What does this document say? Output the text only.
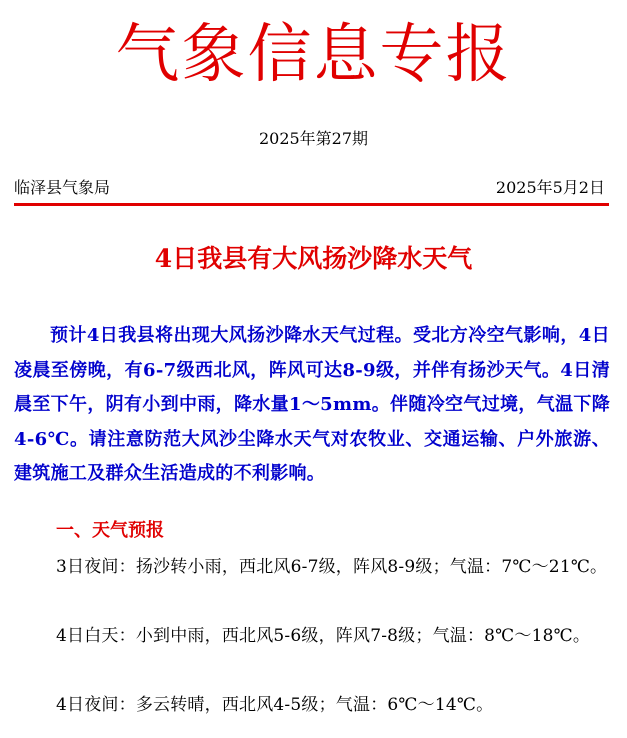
气象信息专报
2025年第27期
临泽县气象局	2025年5月2日
4日我县有大风扬沙降水天气

预计4日我县将出现大风扬沙降水天气过程。受北方冷空气影响，4日凌晨至傍晚，有6-7级西北风，阵风可达8-9级，并伴有扬沙天气。4日清晨至下午，阴有小到中雨，降水量1～5mm。伴随冷空气过境，气温下降4-6℃。请注意防范大风沙尘降水天气对农牧业、交通运输、户外旅游、建筑施工及群众生活造成的不利影响。

一、天气预报

3日夜间：扬沙转小雨，西北风6-7级，阵风8-9级；气温：7℃～21℃。

4日白天：小到中雨，西北风5-6级，阵风7-8级；气温：8℃～18℃。

4日夜间：多云转晴，西北风4-5级；气温：6℃～14℃。
